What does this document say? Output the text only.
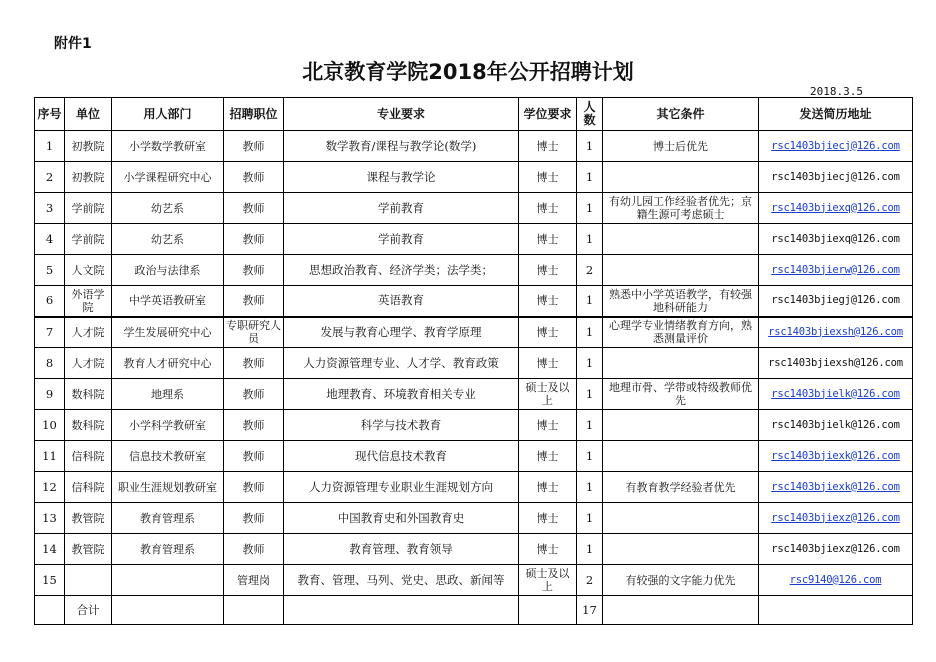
附件1
北京教育学院2018年公开招聘计划
2018.3.5
序号	单位	用人部门	招聘职位	专业要求	学位要求	人数	其它条件	发送简历地址
1	初教院	小学数学教研室	教师	数学教育/课程与教学论(数学)	博士	1	博士后优先	rsc1403bjiecj@126.com
2	初教院	小学课程研究中心	教师	课程与教学论	博士	1		rsc1403bjiecj@126.com
3	学前院	幼艺系	教师	学前教育	博士	1	有幼儿园工作经验者优先；京籍生源可考虑硕士	rsc1403bjiexq@126.com
4	学前院	幼艺系	教师	学前教育	博士	1		rsc1403bjiexq@126.com
5	人文院	政治与法律系	教师	思想政治教育、经济学类；法学类；	博士	2		rsc1403bjierw@126.com
6	外语学院	中学英语教研室	教师	英语教育	博士	1	熟悉中小学英语教学，有较强地科研能力	rsc1403bjiegj@126.com
7	人才院	学生发展研究中心	专职研究人员	发展与教育心理学、教育学原理	博士	1	心理学专业情绪教育方向，熟悉测量评价	rsc1403bjiexsh@126.com
8	人才院	教育人才研究中心	教师	人力资源管理专业、人才学、教育政策	博士	1		rsc1403bjiexsh@126.com
9	数科院	地理系	教师	地理教育、环境教育相关专业	硕士及以上	1	地理市骨、学带或特级教师优先	rsc1403bjielk@126.com
10	数科院	小学科学教研室	教师	科学与技术教育	博士	1		rsc1403bjielk@126.com
11	信科院	信息技术教研室	教师	现代信息技术教育	博士	1		rsc1403bjiexk@126.com
12	信科院	职业生涯规划教研室	教师	人力资源管理专业职业生涯规划方向	博士	1	有教育教学经验者优先	rsc1403bjiexk@126.com
13	教管院	教育管理系	教师	中国教育史和外国教育史	博士	1		rsc1403bjiexz@126.com
14	教管院	教育管理系	教师	教育管理、教育领导	博士	1		rsc1403bjiexz@126.com
15			管理岗	教育、管理、马列、党史、思政、新闻等	硕士及以上	2	有较强的文字能力优先	rsc9140@126.com
	合计					17		
